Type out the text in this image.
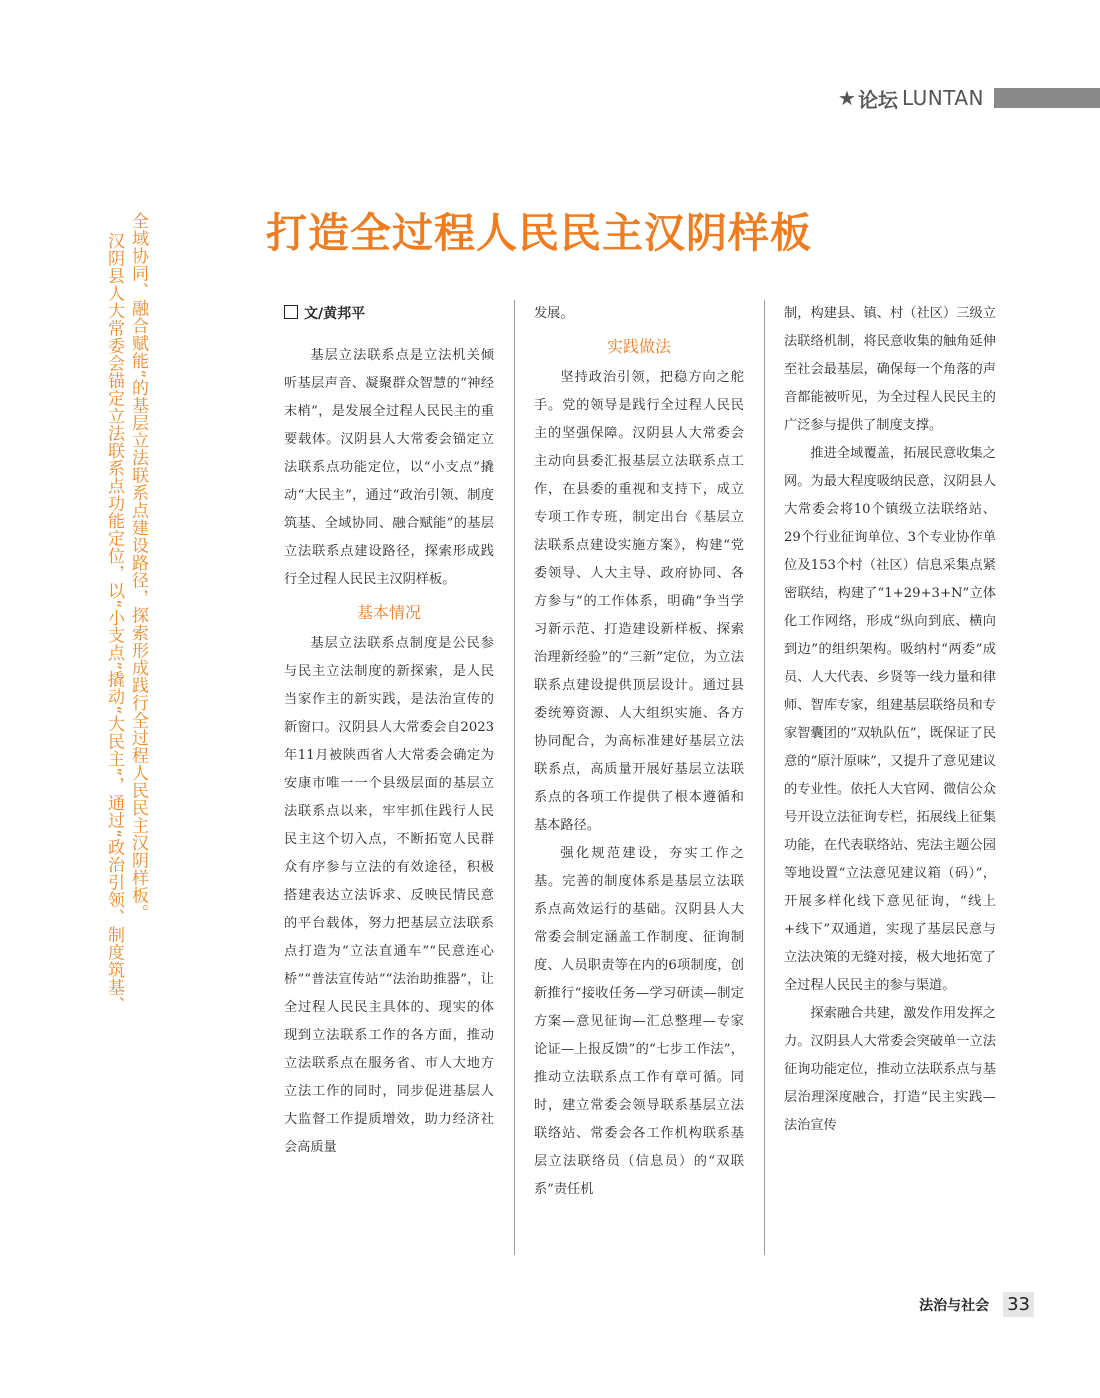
★ 论坛 LUNTAN
全域协同、融合赋能”的基层立法联系点建设路径，探索形成践行全过程人民民主汉阴样板。
汉阴县人大常委会锚定立法联系点功能定位，以“小支点”撬动“大民主”，通过“政治引领、制度筑基、	打造全过程人民民主汉阴样板
文/黄邦平

基层立法联系点是立法机关倾听基层声音、凝聚群众智慧的“神经末梢”，是发展全过程人民民主的重要载体。汉阴县人大常委会锚定立法联系点功能定位，以“小支点”撬动“大民主”，通过“政治引领、制度筑基、全域协同、融合赋能”的基层立法联系点建设路径，探索形成践行全过程人民民主汉阴样板。

基本情况

基层立法联系点制度是公民参与民主立法制度的新探索，是人民当家作主的新实践，是法治宣传的新窗口。汉阴县人大常委会自2023年11月被陕西省人大常委会确定为安康市唯一一个县级层面的基层立法联系点以来，牢牢抓住践行人民民主这个切入点，不断拓宽人民群众有序参与立法的有效途径，积极搭建表达立法诉求、反映民情民意的平台载体，努力把基层立法联系点打造为“立法直通车”“民意连心桥”“普法宣传站”“法治助推器”，让全过程人民民主具体的、现实的体现到立法联系工作的各方面，推动立法联系点在服务省、市人大地方立法工作的同时，同步促进基层人大监督工作提质增效，助力经济社会高质量

发展。

实践做法

坚持政治引领，把稳方向之舵手。党的领导是践行全过程人民民主的坚强保障。汉阴县人大常委会主动向县委汇报基层立法联系点工作，在县委的重视和支持下，成立专项工作专班，制定出台《基层立法联系点建设实施方案》，构建“党委领导、人大主导、政府协同、各方参与”的工作体系，明确“争当学习新示范、打造建设新样板、探索治理新经验”的“三新”定位，为立法联系点建设提供顶层设计。通过县委统筹资源、人大组织实施、各方协同配合，为高标准建好基层立法联系点，高质量开展好基层立法联系点的各项工作提供了根本遵循和基本路径。

强化规范建设，夯实工作之基。完善的制度体系是基层立法联系点高效运行的基础。汉阴县人大常委会制定涵盖工作制度、征询制度、人员职责等在内的6项制度，创新推行“接收任务—学习研读—制定方案—意见征询—汇总整理—专家论证—上报反馈”的“七步工作法”，推动立法联系点工作有章可循。同时，建立常委会领导联系基层立法联络站、常委会各工作机构联系基层立法联络员（信息员）的“双联系”责任机

制，构建县、镇、村（社区）三级立法联络机制，将民意收集的触角延伸至社会最基层，确保每一个角落的声音都能被听见，为全过程人民民主的广泛参与提供了制度支撑。

推进全域覆盖，拓展民意收集之网。为最大程度吸纳民意，汉阴县人大常委会将10个镇级立法联络站、29个行业征询单位、3个专业协作单位及153个村（社区）信息采集点紧密联结，构建了“1+29+3+N”立体化工作网络，形成“纵向到底、横向到边”的组织架构。吸纳村“两委”成员、人大代表、乡贤等一线力量和律师、智库专家，组建基层联络员和专家智囊团的“双轨队伍”，既保证了民意的“原汁原味”，又提升了意见建议的专业性。依托人大官网、微信公众号开设立法征询专栏，拓展线上征集功能，在代表联络站、宪法主题公园等地设置“立法意见建议箱（码）”，开展多样化线下意见征询，“线上+线下”双通道，实现了基层民意与立法决策的无缝对接，极大地拓宽了全过程人民民主的参与渠道。

探索融合共建，激发作用发挥之力。汉阴县人大常委会突破单一立法征询功能定位，推动立法联系点与基层治理深度融合，打造“民主实践—法治宣传

法治与社会 33
